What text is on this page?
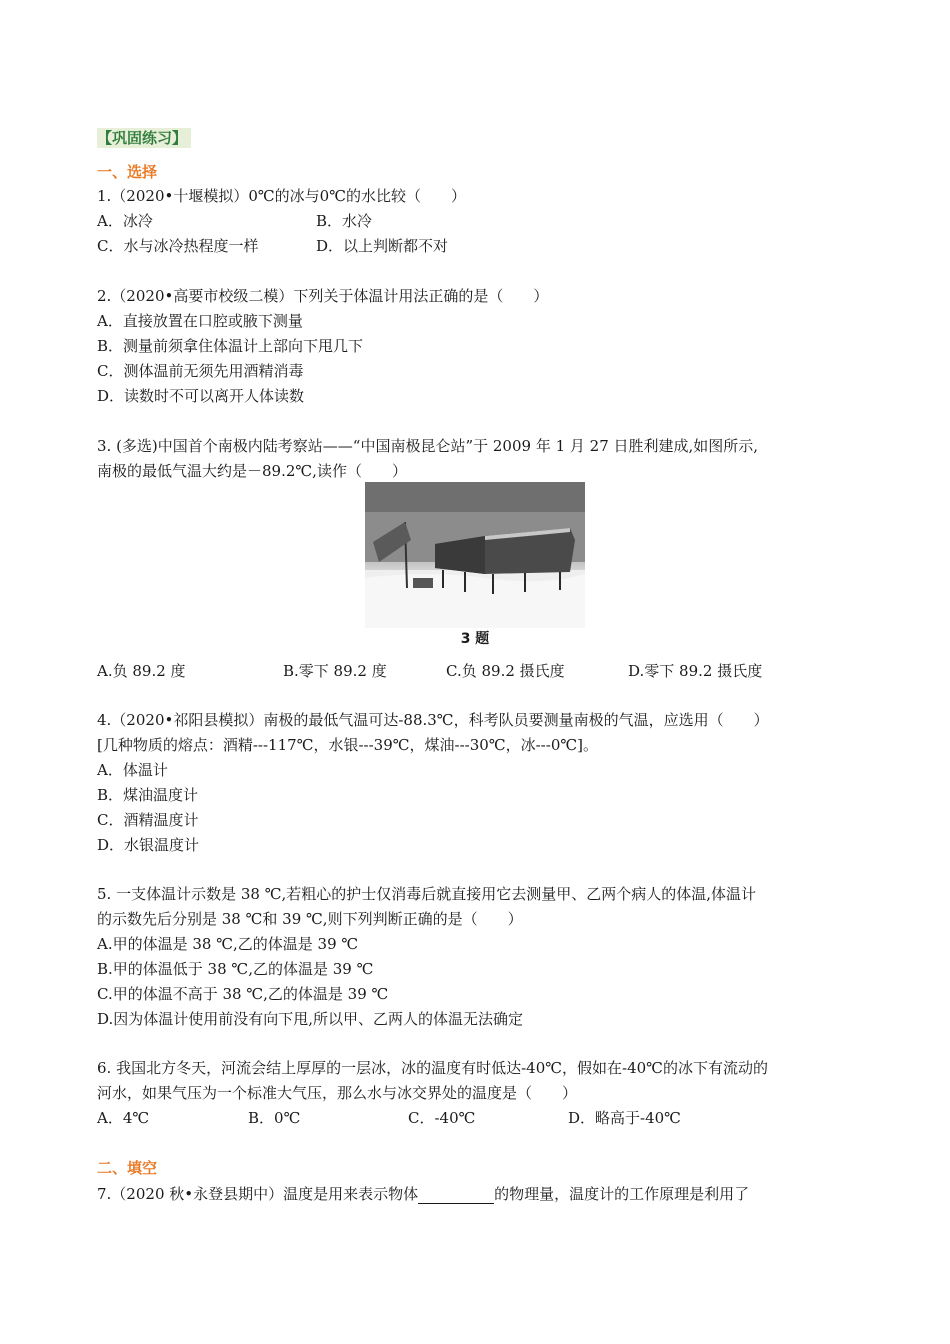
【巩固练习】
一、选择
1.（2020•十堰模拟）0℃的冰与0℃的水比较（　　）
A．冰冷	B．水冷
C．水与冰冷热程度一样	D．以上判断都不对
2.（2020•高要市校级二模）下列关于体温计用法正确的是（　　）
A．直接放置在口腔或腋下测量
B．测量前须拿住体温计上部向下甩几下
C．测体温前无须先用酒精消毒
D．读数时不可以离开人体读数
3. (多选)中国首个南极内陆考察站——“中国南极昆仑站”于 2009 年 1 月 27 日胜利建成,如图所示,
南极的最低气温大约是－89.2℃,读作（　　）
3 题
A.负 89.2 度	B.零下 89.2 度	C.负 89.2 摄氏度	D.零下 89.2 摄氏度
4.（2020•祁阳县模拟）南极的最低气温可达-88.3℃，科考队员要测量南极的气温，应选用（　　）
[几种物质的熔点：酒精---117℃，水银---39℃，煤油---30℃，冰---0℃]。
A．体温计
B．煤油温度计
C．酒精温度计
D．水银温度计
5. 一支体温计示数是 38 ℃,若粗心的护士仅消毒后就直接用它去测量甲、乙两个病人的体温,体温计
的示数先后分别是 38 ℃和 39 ℃,则下列判断正确的是（　　）
A.甲的体温是 38 ℃,乙的体温是 39 ℃
B.甲的体温低于 38 ℃,乙的体温是 39 ℃
C.甲的体温不高于 38 ℃,乙的体温是 39 ℃
D.因为体温计使用前没有向下甩,所以甲、乙两人的体温无法确定
6. 我国北方冬天，河流会结上厚厚的一层冰，冰的温度有时低达-40℃，假如在-40℃的冰下有流动的
河水，如果气压为一个标准大气压，那么水与冰交界处的温度是（　　）
A．4℃	B．0℃	C．-40℃	D．略高于-40℃
二、填空
7.（2020 秋•永登县期中）温度是用来表示物体	的物理量，温度计的工作原理是利用了
